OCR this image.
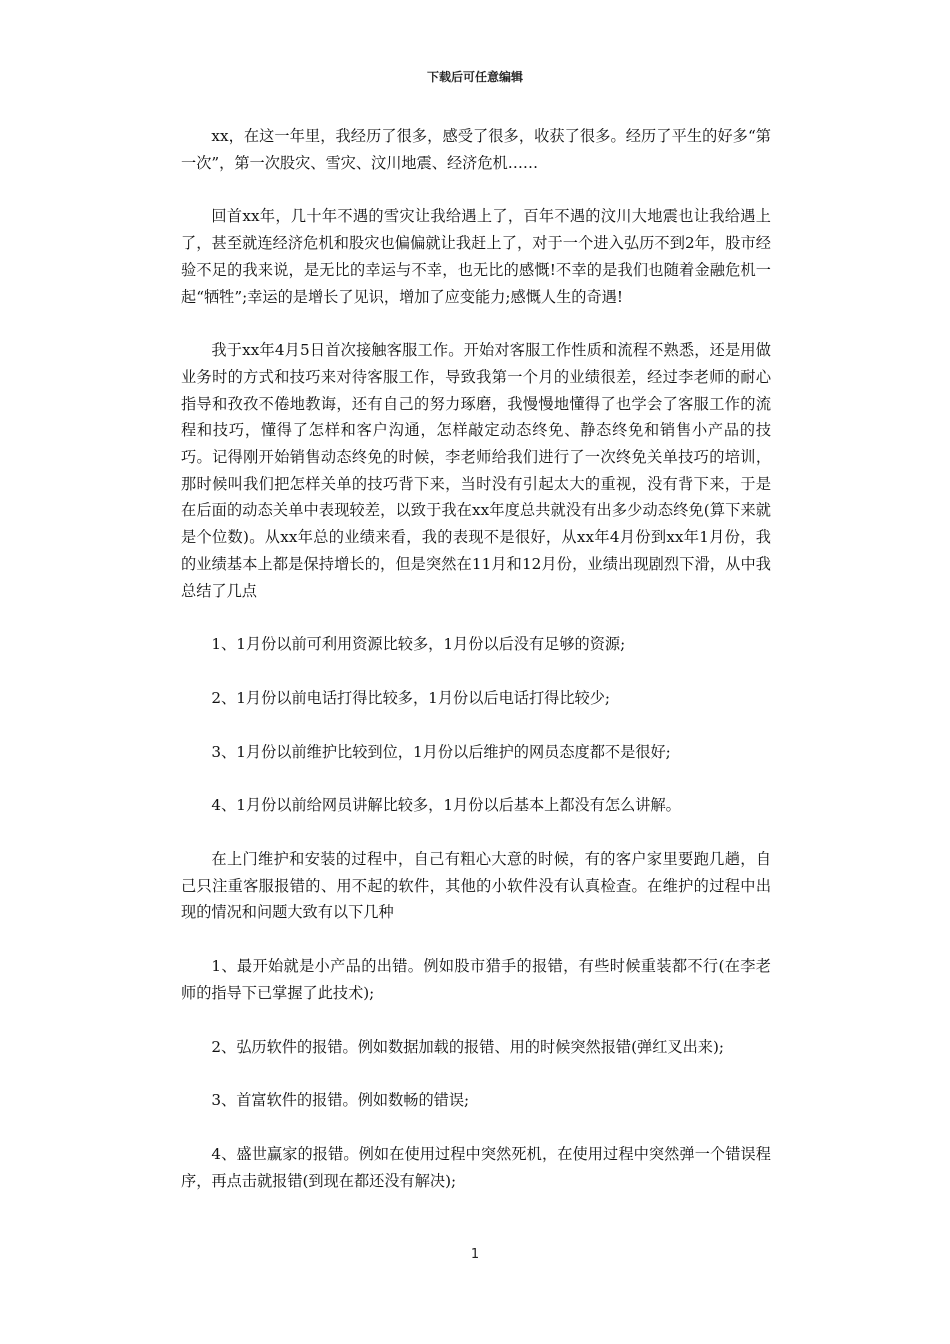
下载后可任意编辑

xx，在这一年里，我经历了很多，感受了很多，收获了很多。经历了平生的好多“第一次”，第一次股灾、雪灾、汶川地震、经济危机……

回首xx年，几十年不遇的雪灾让我给遇上了，百年不遇的汶川大地震也让我给遇上了，甚至就连经济危机和股灾也偏偏就让我赶上了，对于一个进入弘历不到2年，股市经验不足的我来说，是无比的幸运与不幸，也无比的感慨!不幸的是我们也随着金融危机一起“牺牲”;幸运的是增长了见识，增加了应变能力;感慨人生的奇遇!

我于xx年4月5日首次接触客服工作。开始对客服工作性质和流程不熟悉，还是用做业务时的方式和技巧来对待客服工作，导致我第一个月的业绩很差，经过李老师的耐心指导和孜孜不倦地教诲，还有自己的努力琢磨，我慢慢地懂得了也学会了客服工作的流程和技巧，懂得了怎样和客户沟通，怎样敲定动态终免、静态终免和销售小产品的技巧。记得刚开始销售动态终免的时候，李老师给我们进行了一次终免关单技巧的培训，那时候叫我们把怎样关单的技巧背下来，当时没有引起太大的重视，没有背下来，于是在后面的动态关单中表现较差，以致于我在xx年度总共就没有出多少动态终免(算下来就是个位数)。从xx年总的业绩来看，我的表现不是很好，从xx年4月份到xx年1月份，我的业绩基本上都是保持增长的，但是突然在11月和12月份，业绩出现剧烈下滑，从中我总结了几点

1、1月份以前可利用资源比较多，1月份以后没有足够的资源;

2、1月份以前电话打得比较多，1月份以后电话打得比较少;

3、1月份以前维护比较到位，1月份以后维护的网员态度都不是很好;

4、1月份以前给网员讲解比较多，1月份以后基本上都没有怎么讲解。

在上门维护和安装的过程中，自己有粗心大意的时候，有的客户家里要跑几趟，自己只注重客服报错的、用不起的软件，其他的小软件没有认真检查。在维护的过程中出现的情况和问题大致有以下几种

1、最开始就是小产品的出错。例如股市猎手的报错，有些时候重装都不行(在李老师的指导下已掌握了此技术);

2、弘历软件的报错。例如数据加载的报错、用的时候突然报错(弹红叉出来);

3、首富软件的报错。例如数畅的错误;

4、盛世赢家的报错。例如在使用过程中突然死机，在使用过程中突然弹一个错误程序，再点击就报错(到现在都还没有解决);

1
